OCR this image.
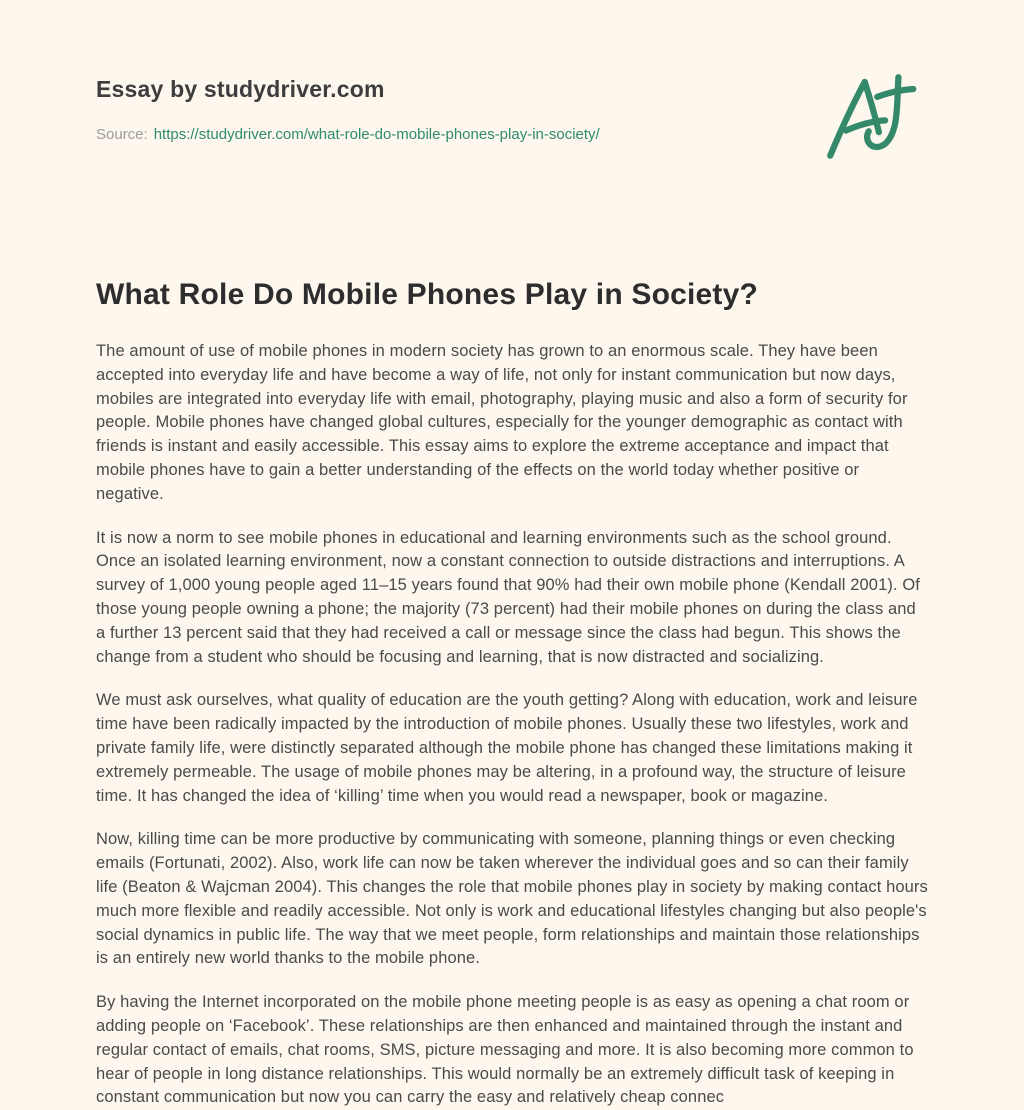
Essay by studydriver.com
Source: https://studydriver.com/what-role-do-mobile-phones-play-in-society/
What Role Do Mobile Phones Play in Society?

The amount of use of mobile phones in modern society has grown to an enormous scale. They have been accepted into everyday life and have become a way of life, not only for instant communication but now days, mobiles are integrated into everyday life with email, photography, playing music and also a form of security for people. Mobile phones have changed global cultures, especially for the younger demographic as contact with friends is instant and easily accessible. This essay aims to explore the extreme acceptance and impact that mobile phones have to gain a better understanding of the effects on the world today whether positive or negative.

It is now a norm to see mobile phones in educational and learning environments such as the school ground. Once an isolated learning environment, now a constant connection to outside distractions and interruptions. A survey of 1,000 young people aged 11–15 years found that 90% had their own mobile phone (Kendall 2001). Of those young people owning a phone; the majority (73 percent) had their mobile phones on during the class and a further 13 percent said that they had received a call or message since the class had begun. This shows the change from a student who should be focusing and learning, that is now distracted and socializing.

We must ask ourselves, what quality of education are the youth getting? Along with education, work and leisure time have been radically impacted by the introduction of mobile phones. Usually these two lifestyles, work and private family life, were distinctly separated although the mobile phone has changed these limitations making it extremely permeable. The usage of mobile phones may be altering, in a profound way, the structure of leisure time. It has changed the idea of ‘killing’ time when you would read a newspaper, book or magazine.

Now, killing time can be more productive by communicating with someone, planning things or even checking emails (Fortunati, 2002). Also, work life can now be taken wherever the individual goes and so can their family life (Beaton & Wajcman 2004). This changes the role that mobile phones play in society by making contact hours much more flexible and readily accessible. Not only is work and educational lifestyles changing but also people's social dynamics in public life. The way that we meet people, form relationships and maintain those relationships is an entirely new world thanks to the mobile phone.

By having the Internet incorporated on the mobile phone meeting people is as easy as opening a chat room or adding people on ‘Facebook’. These relationships are then enhanced and maintained through the instant and regular contact of emails, chat rooms, SMS, picture messaging and more. It is also becoming more common to hear of people in long distance relationships. This would normally be an extremely difficult task of keeping in constant communication but now you can carry the easy and relatively cheap connec
